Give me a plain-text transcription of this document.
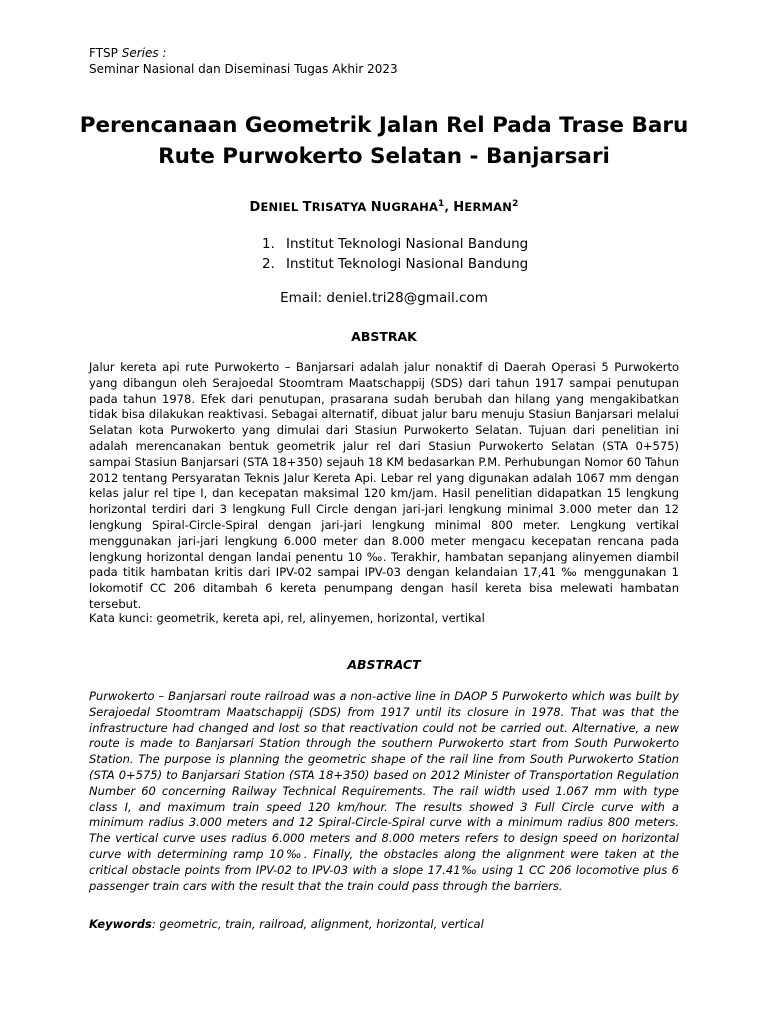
FTSP Series :
Seminar Nasional dan Diseminasi Tugas Akhir 2023
Perencanaan Geometrik Jalan Rel Pada Trase Baru
Rute Purwokerto Selatan - Banjarsari
DENIEL TRISATYA NUGRAHA$^1$, HERMAN$^2$
1. Institut Teknologi Nasional Bandung
2. Institut Teknologi Nasional Bandung
Email: deniel.tri28@gmail.com
ABSTRAK

Jalur kereta api rute Purwokerto – Banjarsari adalah jalur nonaktif di Daerah Operasi 5 Purwokerto yang dibangun oleh Serajoedal Stoomtram Maatschappij (SDS) dari tahun 1917 sampai penutupan pada tahun 1978. Efek dari penutupan, prasarana sudah berubah dan hilang yang mengakibatkan tidak bisa dilakukan reaktivasi. Sebagai alternatif, dibuat jalur baru menuju Stasiun Banjarsari melalui Selatan kota Purwokerto yang dimulai dari Stasiun Purwokerto Selatan. Tujuan dari penelitian ini adalah merencanakan bentuk geometrik jalur rel dari Stasiun Purwokerto Selatan (STA 0+575) sampai Stasiun Banjarsari (STA 18+350) sejauh 18 KM bedasarkan P.M. Perhubungan Nomor 60 Tahun 2012 tentang Persyaratan Teknis Jalur Kereta Api. Lebar rel yang digunakan adalah 1067 mm dengan kelas jalur rel tipe I, dan kecepatan maksimal 120 km/jam. Hasil penelitian didapatkan 15 lengkung horizontal terdiri dari 3 lengkung Full Circle dengan jari-jari lengkung minimal 3.000 meter dan 12 lengkung Spiral-Circle-Spiral dengan jari-jari lengkung minimal 800 meter. Lengkung vertikal menggunakan jari-jari lengkung 6.000 meter dan 8.000 meter mengacu kecepatan rencana pada lengkung horizontal dengan landai penentu 10 ‰. Terakhir, hambatan sepanjang alinyemen diambil pada titik hambatan kritis dari IPV-02 sampai IPV-03 dengan kelandaian 17,41 ‰ menggunakan 1 lokomotif CC 206 ditambah 6 kereta penumpang dengan hasil kereta bisa melewati hambatan tersebut.

Kata kunci: geometrik, kereta api, rel, alinyemen, horizontal, vertikal

ABSTRACT

Purwokerto – Banjarsari route railroad was a non-active line in DAOP 5 Purwokerto which was built by Serajoedal Stoomtram Maatschappij (SDS) from 1917 until its closure in 1978. That was that the infrastructure had changed and lost so that reactivation could not be carried out. Alternative, a new route is made to Banjarsari Station through the southern Purwokerto start from South Purwokerto Station. The purpose is planning the geometric shape of the rail line from South Purwokerto Station (STA 0+575) to Banjarsari Station (STA 18+350) based on 2012 Minister of Transportation Regulation Number 60 concerning Railway Technical Requirements. The rail width used 1.067 mm with type class I, and maximum train speed 120 km/hour. The results showed 3 Full Circle curve with a minimum radius 3.000 meters and 12 Spiral-Circle-Spiral curve with a minimum radius 800 meters. The vertical curve uses radius 6.000 meters and 8.000 meters refers to design speed on horizontal curve with determining ramp 10‰. Finally, the obstacles along the alignment were taken at the critical obstacle points from IPV-02 to IPV-03 with a slope 17.41‰ using 1 CC 206 locomotive plus 6 passenger train cars with the result that the train could pass through the barriers.

Keywords: geometric, train, railroad, alignment, horizontal, vertical
